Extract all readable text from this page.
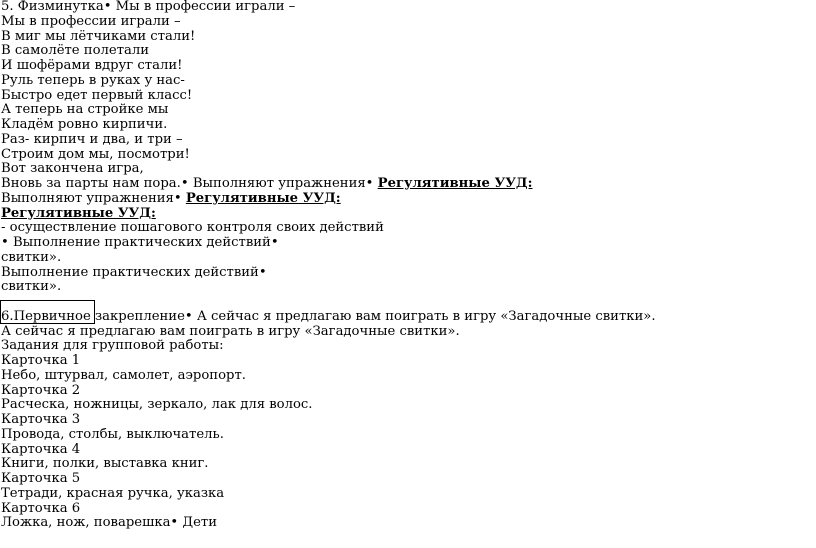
5. Физминутка• Мы в профессии играли –
Мы в профессии играли –
В миг мы лётчиками стали!
В самолёте полетали
И шофёрами вдруг стали!
Руль теперь в руках у нас-
Быстро едет первый класс!
А теперь на стройке мы
Кладём ровно кирпичи.
Раз- кирпич и два, и три –
Строим дом мы, посмотри!
Вот закончена игра,
Вновь за парты нам пора.• Выполняют упражнения• Регулятивные УУД:
Выполняют упражнения• Регулятивные УУД:
Регулятивные УУД:
- осуществление пошагового контроля своих действий
• Выполнение практических действий•
свитки».
Выполнение практических действий•
свитки».
6.Первичное закрепление• А сейчас я предлагаю вам поиграть в игру «Загадочные свитки».
А сейчас я предлагаю вам поиграть в игру «Загадочные свитки».
Задания для групповой работы:
Карточка 1
Небо, штурвал, самолет, аэропорт.
Карточка 2
Расческа, ножницы, зеркало, лак для волос.
Карточка 3
Провода, столбы, выключатель.
Карточка 4
Книги, полки, выставка книг.
Карточка 5
Тетради, красная ручка, указка
Карточка 6
Ложка, нож, поварешка• Дети
